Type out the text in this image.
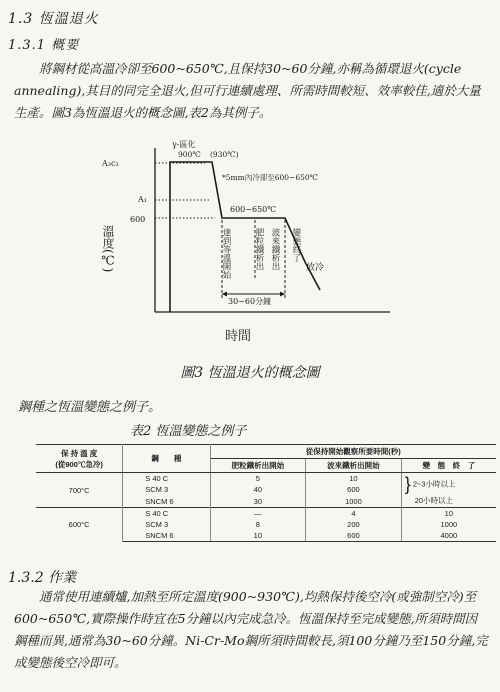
1.3 恆溫退火
1.3.1 概要

將鋼材從高溫冷卻至600~650℃,且保持30~60分鐘,亦稱為循環退火(cycle annealing),其目的同完全退火,但可行連續處理、所需時間較短、效率較佳,適於大量生產。圖3為恆溫退火的概念圖,表2為其例子。

溫度(℃)
A₃c₃
A₁
600
γ-區化
900℃ (930℃)
*5mm內冷卻至600~650℃
600~650℃
達到等溫開始	肥粒鐵析出 波來鐵析出 變態終了
放冷
30~60分鐘
時間
圖3 恆溫退火的概念圖
鋼種之恆溫變態之例子。
表2 恆溫變態之例子
保 持 溫 度
(從900℃急冷)	鋼　　種	從保持開始觀察所要時間(秒)		
		肥粒鐵析出開始	波來鐵析出開始	變　態　終　了
700°C	S 40 C	5	10	} 2~3小時以上
20小時以上
	SCM 3	40	600	
	SNCM 6	30	1000	
600°C	S 40 C	—	4	10
	SCM 3	8	200	1000
	SNCM 6	10	600	4000
1.3.2 作業

通常使用連續爐,加熱至所定溫度(900~930℃),均熱保持後空冷(或強制空冷)至600~650℃,實際操作時宜在5分鐘以內完成急冷。恆溫保持至完成變態,所須時間因鋼種而異,通常為30~60分鐘。Ni-Cr-Mo鋼所須時間較長,須100分鐘乃至150分鐘,完成變態後空冷即可。
